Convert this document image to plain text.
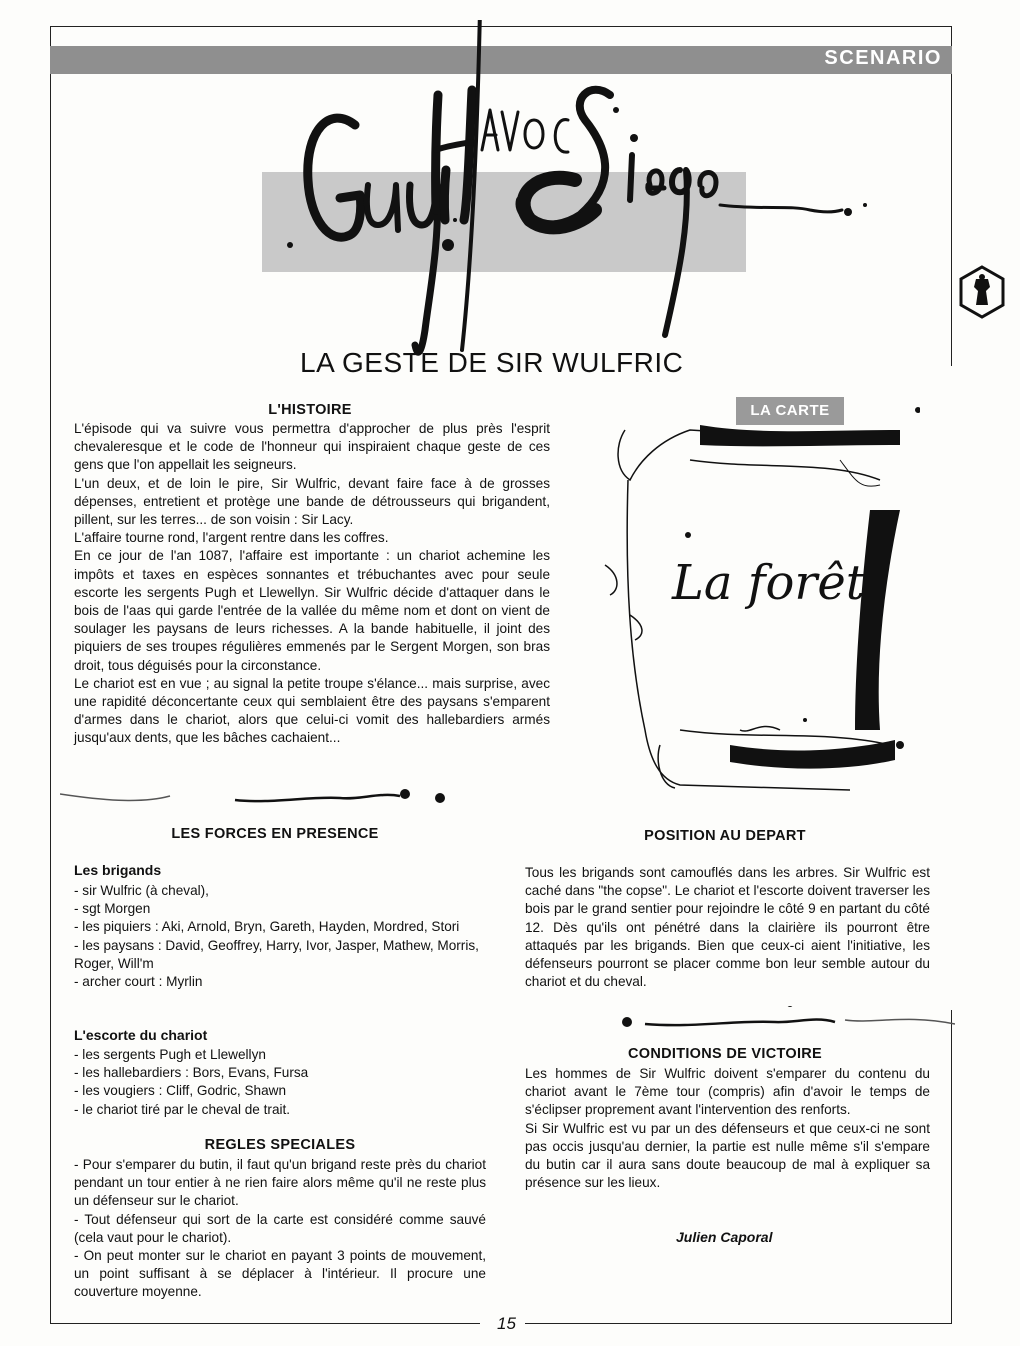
SCENARIO
LA GESTE DE SIR WULFRIC
L'HISTOIRE

L'épisode qui va suivre vous permettra d'approcher de plus près l'esprit chevaleresque et le code de l'honneur qui inspiraient chaque geste de ces gens que l'on appellait les seigneurs.

L'un deux, et de loin le pire, Sir Wulfric, devant faire face à de grosses dépenses, entretient et protège une bande de détrousseurs qui brigandent, pillent, sur les terres... de son voisin : Sir Lacy.

L'affaire tourne rond, l'argent rentre dans les coffres.

En ce jour de l'an 1087, l'affaire est importante : un chariot achemine les impôts et taxes en espèces sonnantes et trébuchantes avec pour seule escorte les sergents Pugh et Llewellyn. Sir Wulfric décide d'attaquer dans le bois de l'aas qui garde l'entrée de la vallée du même nom et dont on vient de soulager les paysans de leurs richesses. A la bande habituelle, il joint des piquiers de ses troupes régulières emmenés par le Sergent Morgen, son bras droit, tous déguisés pour la circonstance.

Le chariot est en vue ; au signal la petite troupe s'élance... mais surprise, avec une rapidité déconcertante ceux qui semblaient être des paysans s'emparent d'armes dans le chariot, alors que celui-ci vomit des hallebardiers armés jusqu'aux dents, que les bâches cachaient...

LA CARTE
La forêt
LES FORCES EN PRESENCE
Les brigands
- sir Wulfric (à cheval),
- sgt Morgen
- les piquiers : Aki, Arnold, Bryn, Gareth, Hayden, Mordred, Stori
- les paysans : David, Geoffrey, Harry, Ivor, Jasper, Mathew, Morris, Roger, Will'm
- archer court : Myrlin
L'escorte du chariot
- les sergents Pugh et Llewellyn
- les hallebardiers : Bors, Evans, Fursa
- les vougiers : Cliff, Godric, Shawn
- le chariot tiré par le cheval de trait.
REGLES SPECIALES

- Pour s'emparer du butin, il faut qu'un brigand reste près du chariot pendant un tour entier à ne rien faire alors même qu'il ne reste plus un défenseur sur le chariot.

- Tout défenseur qui sort de la carte est considéré comme sauvé (cela vaut pour le chariot).

- On peut monter sur le chariot en payant 3 points de mouvement, un point suffisant à se déplacer à l'intérieur. Il procure une couverture moyenne.

POSITION AU DEPART

Tous les brigands sont camouflés dans les arbres. Sir Wulfric est caché dans "the copse". Le chariot et l'escorte doivent traverser les bois par le grand sentier pour rejoindre le côté 9 en partant du côté 12. Dès qu'ils ont pénétré dans la clairière ils pourront être attaqués par les brigands. Bien que ceux-ci aient l'initiative, les défenseurs pourront se placer comme bon leur semble autour du chariot et du cheval.

CONDITIONS DE VICTOIRE

Les hommes de Sir Wulfric doivent s'emparer du contenu du chariot avant le 7ème tour (compris) afin d'avoir le temps de s'éclipser proprement avant l'intervention des renforts.

Si Sir Wulfric est vu par un des défenseurs et que ceux-ci ne sont pas occis jusqu'au dernier, la partie est nulle même s'il s'empare du butin car il aura sans doute beaucoup de mal à expliquer sa présence sur les lieux.

Julien Caporal
15
